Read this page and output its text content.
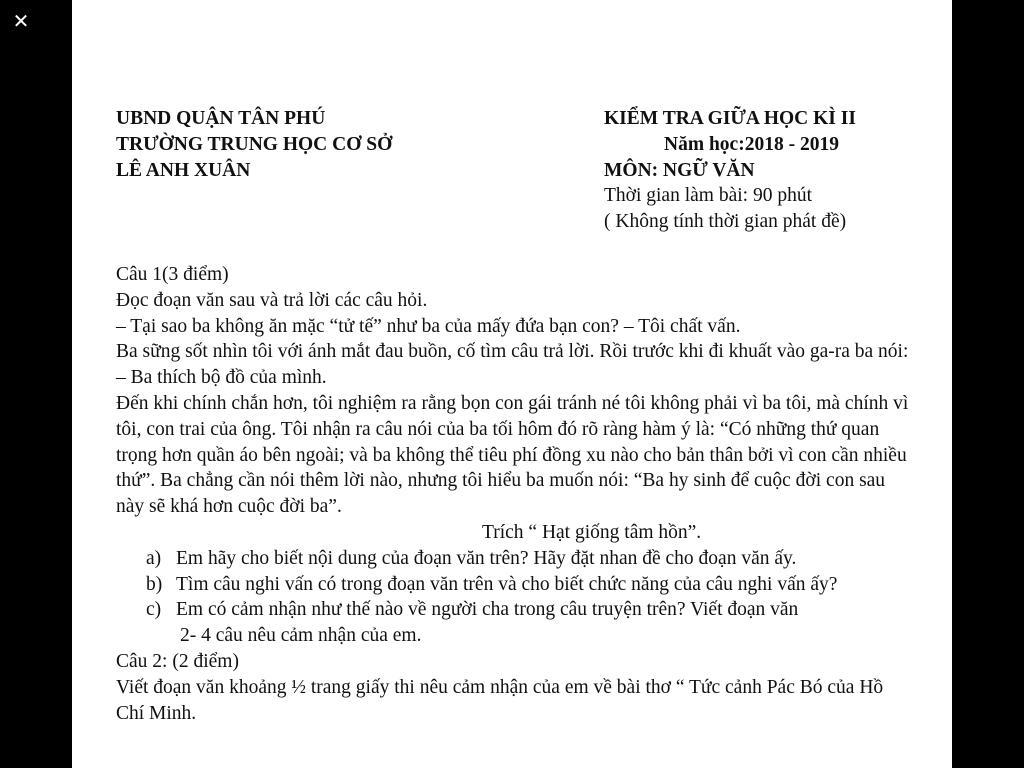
✕
UBND QUẬN TÂN PHÚ
TRƯỜNG TRUNG HỌC CƠ SỞ
LÊ ANH XUÂN
KIỂM TRA GIỮA HỌC KÌ II
Năm học:2018 - 2019
MÔN: NGỮ VĂN
Thời gian làm bài: 90 phút
( Không tính thời gian phát đề)

Câu 1(3 điểm)

Đọc đoạn văn sau và trả lời các câu hỏi.

– Tại sao ba không ăn mặc “tử tế” như ba của mấy đứa bạn con? – Tôi chất vấn.

Ba sững sốt nhìn tôi với ánh mắt đau buồn, cố tìm câu trả lời. Rồi trước khi đi khuất vào ga-ra ba nói:

– Ba thích bộ đồ của mình.

Đến khi chính chắn hơn, tôi nghiệm ra rằng bọn con gái tránh né tôi không phải vì ba tôi, mà chính vì tôi, con trai của ông. Tôi nhận ra câu nói của ba tối hôm đó rõ ràng hàm ý là: “Có những thứ quan trọng hơn quần áo bên ngoài; và ba không thể tiêu phí đồng xu nào cho bản thân bởi vì con cần nhiều thứ”. Ba chẳng cần nói thêm lời nào, nhưng tôi hiểu ba muốn nói: “Ba hy sinh để cuộc đời con sau này sẽ khá hơn cuộc đời ba”.

Trích “ Hạt giống tâm hồn”.

a) Em hãy cho biết nội dung của đoạn văn trên? Hãy đặt nhan đề cho đoạn văn ấy.
b) Tìm câu nghi vấn có trong đoạn văn trên và cho biết chức năng của câu nghi vấn ấy?
c) Em có cảm nhận như thế nào về người cha trong câu truyện trên? Viết đoạn văn

2- 4 câu nêu cảm nhận của em.

Câu 2: (2 điểm)

Viết đoạn văn khoảng ½ trang giấy thi nêu cảm nhận của em về bài thơ “ Tức cảnh Pác Bó của Hồ Chí Minh.
